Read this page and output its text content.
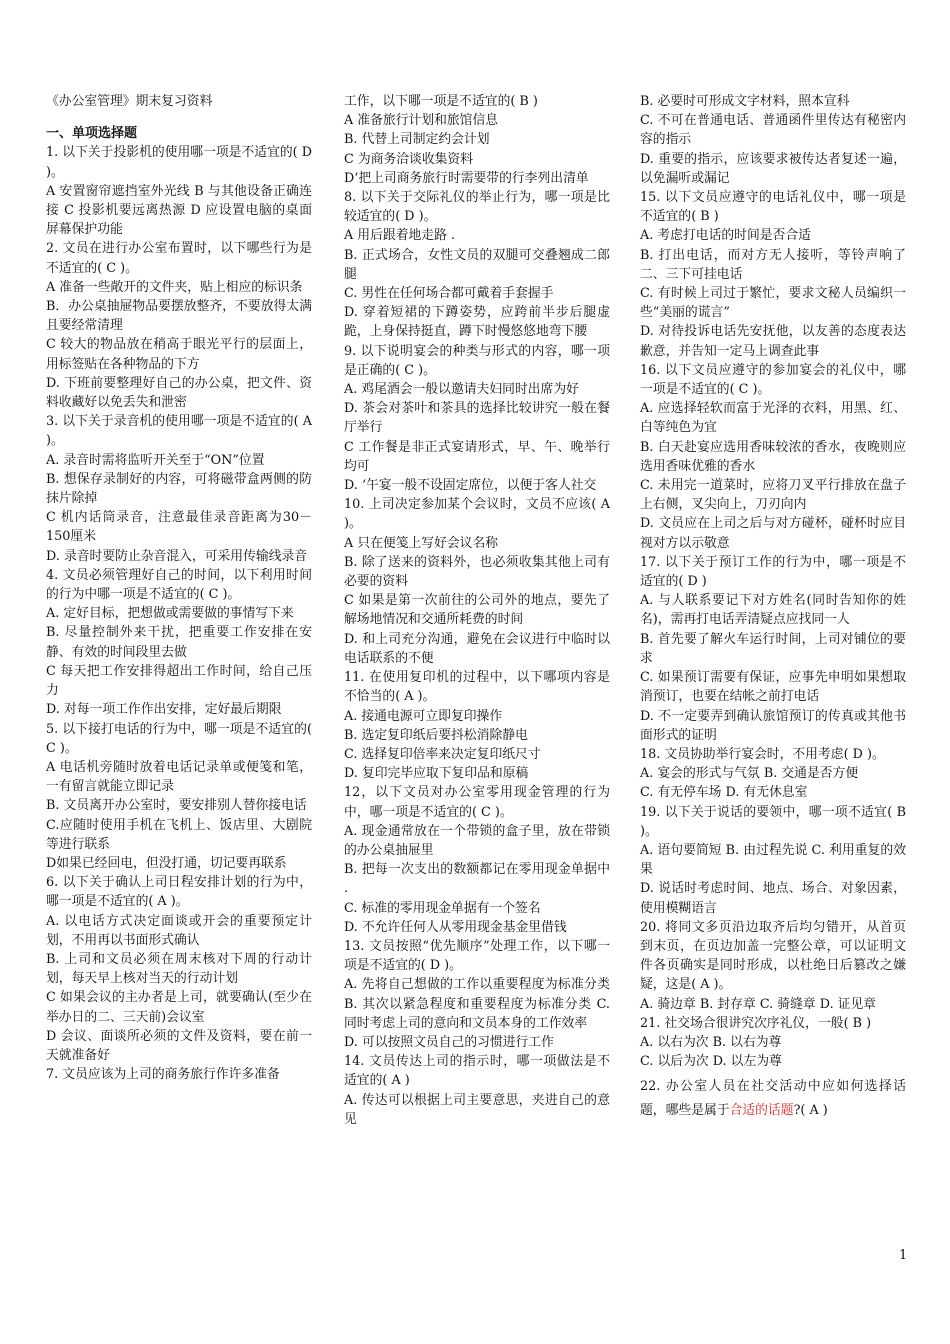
《办公室管理》期末复习资料

一、单项选择题

1. 以下关于投影机的使用哪一项是不适宜的( D )。

A 安置窗帘遮挡室外光线 B 与其他设备正确连接 C 投影机要远离热源 D 应设置电脑的桌面屏幕保护功能

2. 文员在进行办公室布置时，以下哪些行为是不适宜的( C )。

A 准备一些敞开的文件夹，贴上相应的标识条

B．办公桌抽屉物品要摆放整齐，不要放得太满且要经常清理

C 较大的物品放在稍高于眼光平行的层面上，用标签贴在各种物品的下方

D. 下班前要整理好自己的办公桌，把文件、资料收藏好以免丢失和泄密

3. 以下关于录音机的使用哪一项是不适宜的( A )。

A. 录音时需将监听开关至于“ON”位置

B. 想保存录制好的内容，可将磁带盒两侧的防抹片除掉

C 机内话筒录音，注意最佳录音距离为30－150厘米

D. 录音时要防止杂音混入，可采用传输线录音

4. 文员必须管理好自己的时间，以下利用时间的行为中哪一项是不适宜的( C )。

A. 定好目标，把想做或需要做的事情写下来

B. 尽量控制外来干扰，把重要工作安排在安静、有效的时间段里去做

C 每天把工作安排得超出工作时间，给自己压力

D. 对每一项工作作出安排，定好最后期限

5. 以下接打电话的行为中，哪一项是不适宜的( C )。

A 电话机旁随时放着电话记录单或便笺和笔，一有留言就能立即记录

B. 文员离开办公室时，要安排别人替你接电话

C.应随时使用手机在飞机上、饭店里、大剧院等进行联系

D如果已经回电，但没打通，切记要再联系

6. 以下关于确认上司日程安排计划的行为中，哪一项是不适宜的( A )。

A. 以电话方式决定面谈或开会的重要预定计划，不用再以书面形式确认

B. 上司和文员必须在周末核对下周的行动计划，每天早上核对当天的行动计划

C 如果会议的主办者是上司，就要确认(至少在举办日的二、三天前)会议室

D 会议、面谈所必须的文件及资料，要在前一天就准备好

7. 文员应该为上司的商务旅行作许多准备

工作，以下哪一项是不适宜的( B )

A 准备旅行计划和旅馆信息

B. 代替上司制定约会计划

C 为商务洽谈收集资料

D‘把上司商务旅行时需要带的行李列出清单

8. 以下关于交际礼仪的举止行为，哪一项是比较适宜的( D )。

A 用后跟着地走路 .

B. 正式场合，女性文员的双腿可交叠翘成二郎腿

C. 男性在任何场合都可戴着手套握手

D. 穿着短裙的下蹲姿势，应跨前半步后腿虚跪，上身保持挺直，蹲下时慢悠悠地弯下腰

9. 以下说明宴会的种类与形式的内容，哪一项是正确的( C )。

A. 鸡尾酒会一般以邀请夫妇同时出席为好

D. 茶会对茶叶和茶具的选择比较讲究一般在餐厅举行

C 工作餐是非正式宴请形式，早、午、晚举行均可

D. ‘午宴一般不设固定席位，以便于客人社交

10. 上司决定参加某个会议时，文员不应该( A )。

A 只在便笺上写好会议名称

B. 除了送来的资料外，也必须收集其他上司有必要的资料

C 如果是第一次前往的公司外的地点，要先了解场地情况和交通所耗费的时间

D. 和上司充分沟通，避免在会议进行中临时以电话联系的不便

11. 在使用复印机的过程中，以下哪项内容是不恰当的( A )。

A. 接通电源可立即复印操作

B. 选定复印纸后要抖松消除静电

C. 选择复印倍率来决定复印纸尺寸

D. 复印完毕应取下复印品和原稿

12，以下文员对办公室零用现金管理的行为中，哪一项是不适宜的( C )。

A. 现金通常放在一个带锁的盒子里，放在带锁的办公桌抽屉里

B. 把每一次支出的数额都记在零用现金单据中 .

C. 标准的零用现金单据有一个签名

D. 不允许任何人从零用现金基金里借钱

13. 文员按照“优先顺序”处理工作，以下哪一项是不适宜的( D )。

A. 先将自己想做的工作以重要程度为标准分类 B. 其次以紧急程度和重要程度为标准分类 C. 同时考虑上司的意向和文员本身的工作效率

D. 可以按照文员自己的习惯进行工作

14. 文员传达上司的指示时，哪一项做法是不适宜的( A )

A. 传达可以根据上司主要意思，夹进自己的意见

B. 必要时可形成文字材料，照本宣科

C. 不可在普通电话、普通函件里传达有秘密内容的指示

D. 重要的指示，应该要求被传达者复述一遍，以免漏听或漏记

15. 以下文员应遵守的电话礼仪中，哪一项是不适宜的( B )

A. 考虑打电话的时间是否合适

B. 打出电话，而对方无人接听，等铃声响了二、三下可挂电话

C. 有时候上司过于繁忙，要求文秘人员编织一些“美丽的谎言”

D. 对待投诉电话先安抚他，以友善的态度表达歉意，并告知一定马上调查此事

16. 以下文员应遵守的参加宴会的礼仪中，哪一项是不适宜的( C )。

A. 应选择轻软而富于光泽的衣料，用黑、红、白等纯色为宜

B. 白天赴宴应选用香味较浓的香水，夜晚则应选用香味优雅的香水

C. 未用完一道菜时，应将刀叉平行排放在盘子上右侧，叉尖向上，刀刃向内

D. 文员应在上司之后与对方碰杯，碰杯时应目视对方以示敬意

17. 以下关于预订工作的行为中，哪一项是不适宜的( D )

A. 与人联系要记下对方姓名(同时告知你的姓名)，需再打电话弄清疑点应找同一人

B. 首先要了解火车运行时间，上司对铺位的要求

C. 如果预订需要有保证，应事先申明如果想取消预订，也要在结帐之前打电话

D. 不一定要弄到确认旅馆预订的传真或其他书面形式的证明

18. 文员协助举行宴会时，不用考虑( D )。

A. 宴会的形式与气氛 B. 交通是否方便

C. 有无停车场 D. 有无休息室

19. 以下关于说话的要领中，哪一项不适宜( B )。

A. 语句要简短 B. 由过程先说 C. 利用重复的效果

D. 说话时考虑时间、地点、场合、对象因素，使用模糊语言

20. 将同文多页沿边取齐后均匀错开，从首页到末页，在页边加盖一完整公章，可以证明文件各页确实是同时形成，以杜绝日后篡改之嫌疑，这是( A )。

A. 骑边章 B. 封存章 C. 骑缝章 D. 证见章

21. 社交场合很讲究次序礼仪，一般( B )

A. 以右为次 B. 以右为尊

C. 以后为次 D. 以左为尊

22. 办公室人员在社交活动中应如何选择话题，哪些是属于合适的话题?( A )

1
